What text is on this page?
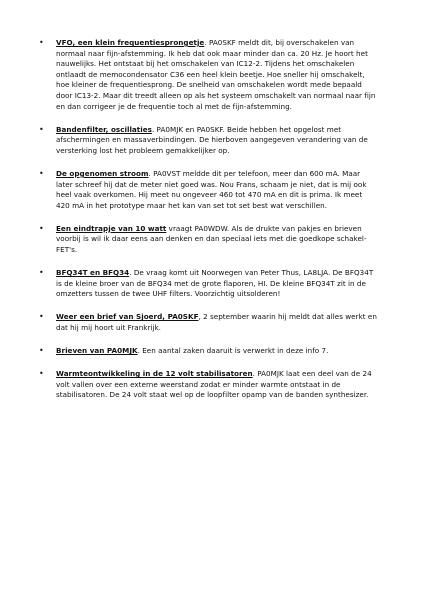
• VFO, een klein frequentiesprongetje. PA0SKF meldt dit, bij overschakelen van normaal naar fijn-afstemming. Ik heb dat ook maar minder dan ca. 20 Hz. Je hoort het nauwelijks. Het ontstaat bij het omschakelen van IC12-2. Tijdens het omschakelen ontlaadt de memocondensator C36 een heel klein beetje. Hoe sneller hij omschakelt, hoe kleiner de frequentiesprong. De snelheid van omschakelen wordt mede bepaald door IC13-2. Maar dit treedt alleen op als het systeem omschakelt van normaal naar fijn en dan corrigeer je de frequentie toch al met de fijn-afstemming.
• Bandenfilter, oscillaties. PA0MJK en PA0SKF. Beide hebben het opgelost met afschermingen en massaverbindingen. De hierboven aangegeven verandering van de versterking lost het probleem gemakkelijker op.
• De opgenomen stroom. PA0VST meldde dit per telefoon, meer dan 600 mA. Maar later schreef hij dat de meter niet goed was. Nou Frans, schaam je niet, dat is mij ook heel vaak overkomen. Hij meet nu ongeveer 460 tot 470 mA en dit is prima. Ik meet 420 mA in het prototype maar het kan van set tot set best wat verschillen.
• Een eindtrapje van 10 watt vraagt PA0WDW. Als de drukte van pakjes en brieven voorbij is wil ik daar eens aan denken en dan speciaal iets met die goedkope schakel-FET's.
• BFQ34T en BFQ34. De vraag komt uit Noorwegen van Peter Thus, LA8LJA. De BFQ34T is de kleine broer van de BFQ34 met de grote flaporen, HI. De kleine BFQ34T zit in de omzetters tussen de twee UHF filters. Voorzichtig uitsolderen!
• Weer een brief van Sjoerd, PA0SKF, 2 september waarin hij meldt dat alles werkt en dat hij mij hoort uit Frankrijk.
• Brieven van PA0MJK. Een aantal zaken daaruit is verwerkt in deze info 7.
• Warmteontwikkeling in de 12 volt stabilisatoren. PA0MJK laat een deel van de 24 volt vallen over een externe weerstand zodat er minder warmte ontstaat in de stabilisatoren. De 24 volt staat wel op de loopfilter opamp van de banden synthesizer.
